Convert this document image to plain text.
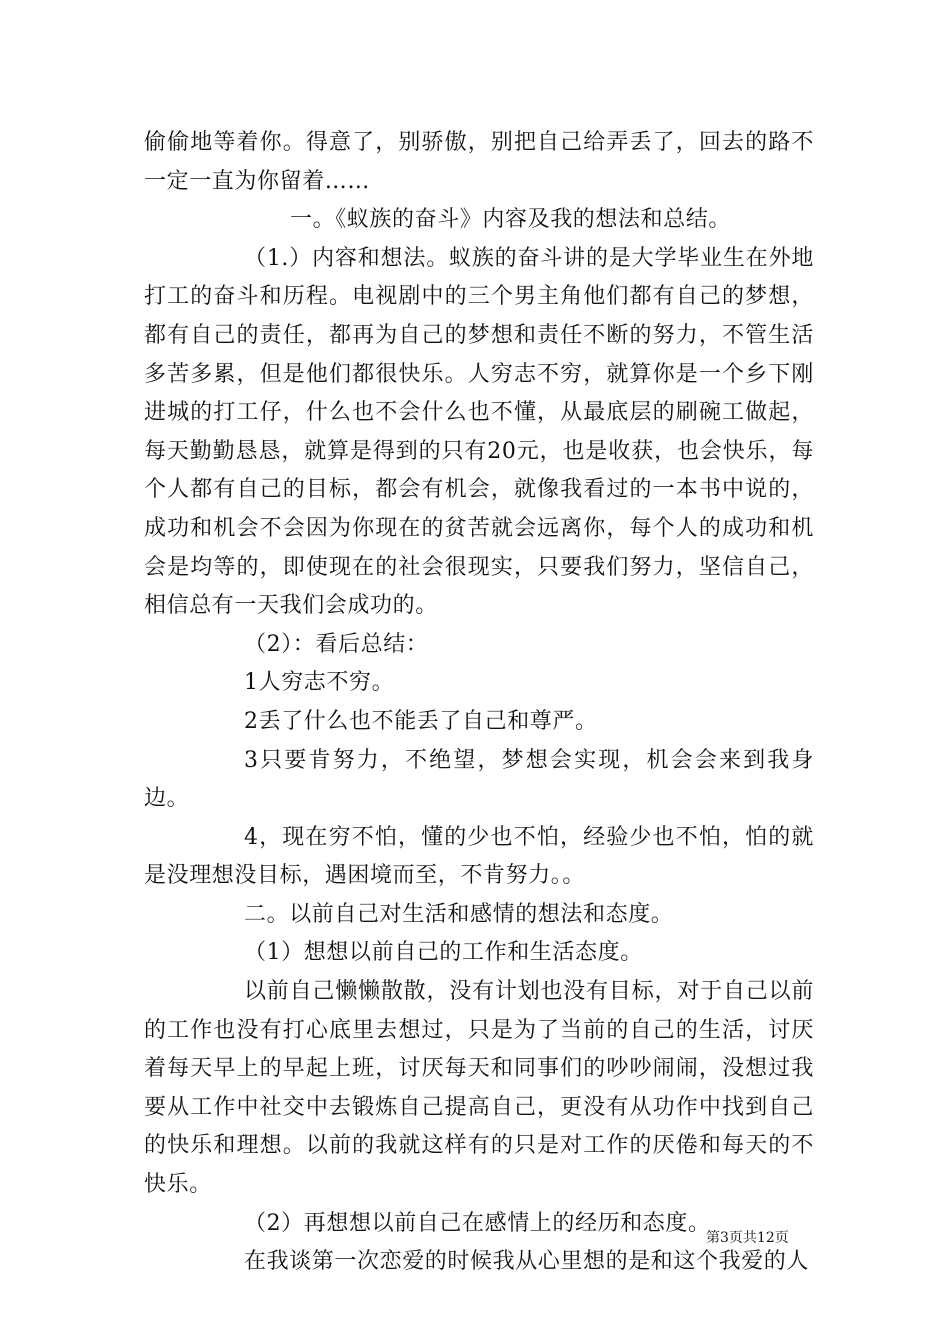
偷偷地等着你。得意了，别骄傲，别把自己给弄丢了，回去的路不一定一直为你留着……

一。《蚁族的奋斗》内容及我的想法和总结。

（1.）内容和想法。蚁族的奋斗讲的是大学毕业生在外地打工的奋斗和历程。电视剧中的三个男主角他们都有自己的梦想，都有自己的责任，都再为自己的梦想和责任不断的努力，不管生活多苦多累，但是他们都很快乐。人穷志不穷，就算你是一个乡下刚进城的打工仔，什么也不会什么也不懂，从最底层的刷碗工做起，每天勤勤恳恳，就算是得到的只有20元，也是收获，也会快乐，每个人都有自己的目标，都会有机会，就像我看过的一本书中说的，成功和机会不会因为你现在的贫苦就会远离你，每个人的成功和机会是均等的，即使现在的社会很现实，只要我们努力，坚信自己，相信总有一天我们会成功的。

（2）：看后总结：

1人穷志不穷。

2丢了什么也不能丢了自己和尊严。

3只要肯努力，不绝望，梦想会实现，机会会来到我身边。

4，现在穷不怕，懂的少也不怕，经验少也不怕，怕的就是没理想没目标，遇困境而至，不肯努力。。

二。以前自己对生活和感情的想法和态度。

（1）想想以前自己的工作和生活态度。

以前自己懒懒散散，没有计划也没有目标，对于自己以前的工作也没有打心底里去想过，只是为了当前的自己的生活，讨厌着每天早上的早起上班，讨厌每天和同事们的吵吵闹闹，没想过我要从工作中社交中去锻炼自己提高自己，更没有从功作中找到自己的快乐和理想。以前的我就这样有的只是对工作的厌倦和每天的不快乐。

（2）再想想以前自己在感情上的经历和态度。

在我谈第一次恋爱的时候我从心里想的是和这个我爱的人

第3页共12页
